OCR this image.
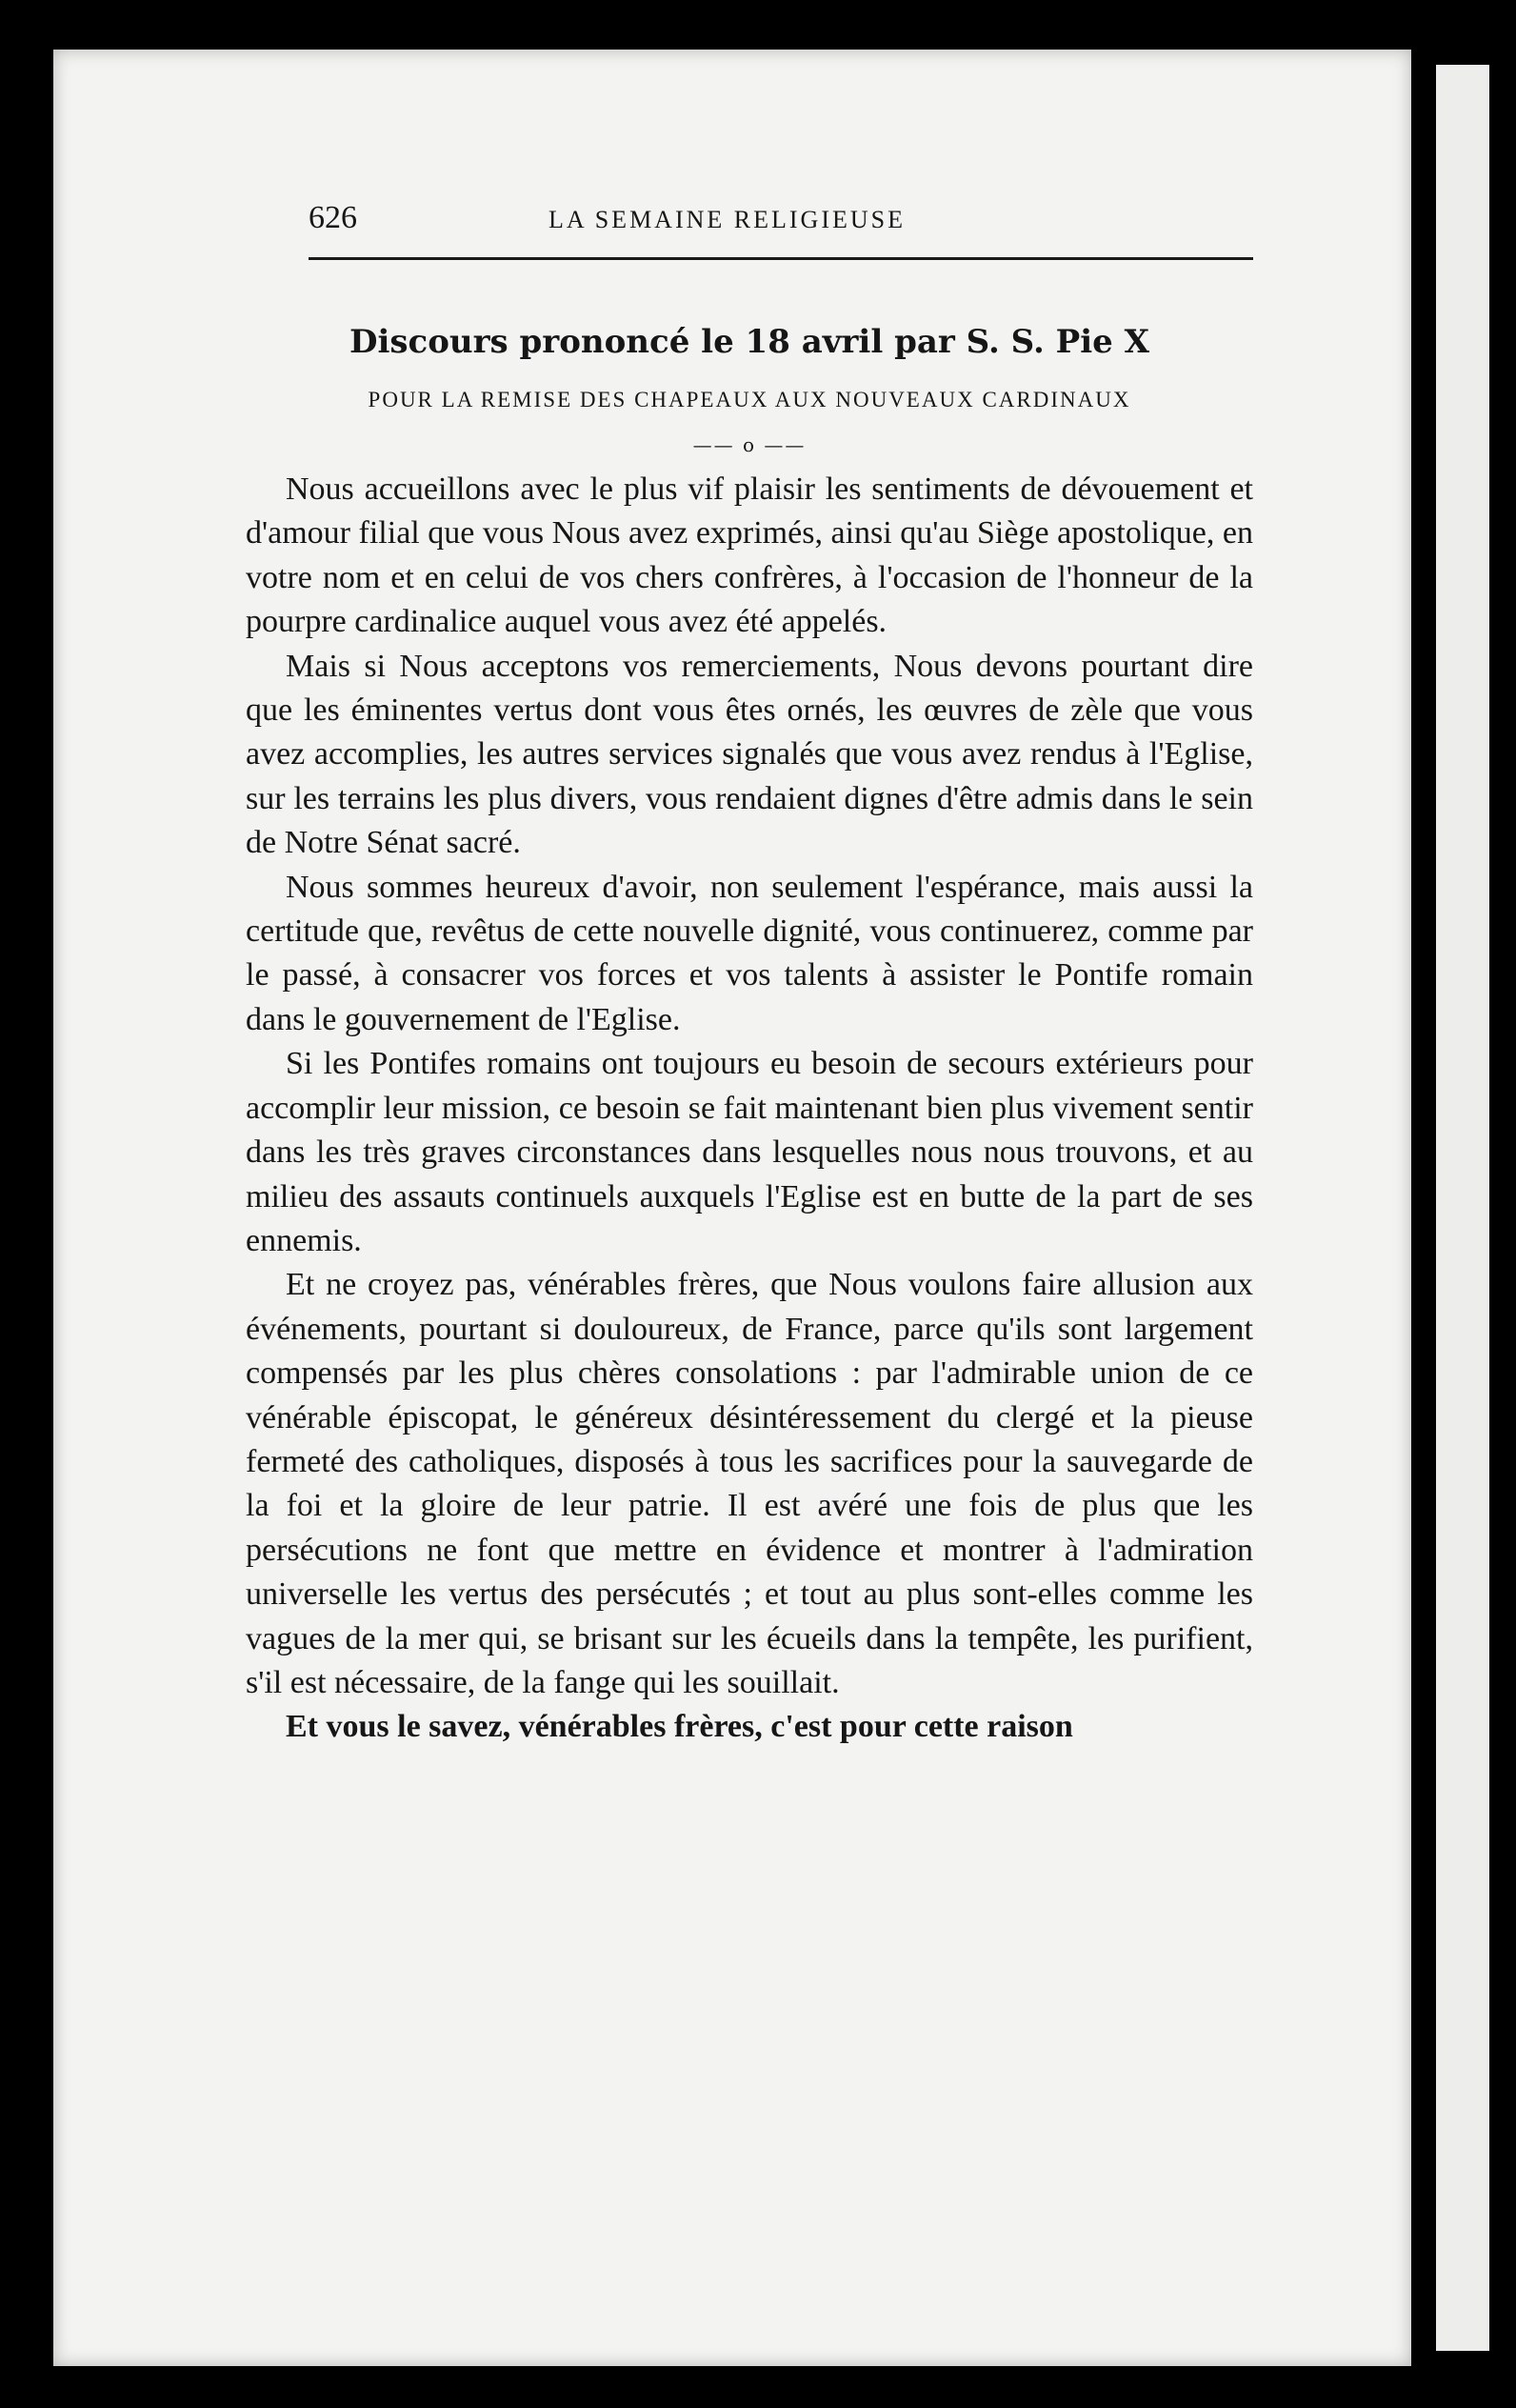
626	LA SEMAINE RELIGIEUSE
Discours prononcé le 18 avril par S. S. Pie X
POUR LA REMISE DES CHAPEAUX AUX NOUVEAUX CARDINAUX
—— o ——

Nous accueillons avec le plus vif plaisir les sentiments de dévouement et d'amour filial que vous Nous avez exprimés, ainsi qu'au Siège apostolique, en votre nom et en celui de vos chers confrères, à l'occasion de l'honneur de la pourpre cardinalice auquel vous avez été appelés.

Mais si Nous acceptons vos remerciements, Nous devons pourtant dire que les éminentes vertus dont vous êtes ornés, les œuvres de zèle que vous avez accomplies, les autres services signalés que vous avez rendus à l'Eglise, sur les terrains les plus divers, vous rendaient dignes d'être admis dans le sein de Notre Sénat sacré.

Nous sommes heureux d'avoir, non seulement l'espérance, mais aussi la certitude que, revêtus de cette nouvelle dignité, vous continuerez, comme par le passé, à consacrer vos forces et vos talents à assister le Pontife romain dans le gouvernement de l'Eglise.

Si les Pontifes romains ont toujours eu besoin de secours extérieurs pour accomplir leur mission, ce besoin se fait maintenant bien plus vivement sentir dans les très graves circonstances dans lesquelles nous nous trouvons, et au milieu des assauts continuels auxquels l'Eglise est en butte de la part de ses ennemis.

Et ne croyez pas, vénérables frères, que Nous voulons faire allusion aux événements, pourtant si douloureux, de France, parce qu'ils sont largement compensés par les plus chères consolations : par l'admirable union de ce vénérable épiscopat, le généreux désintéressement du clergé et la pieuse fermeté des catholiques, disposés à tous les sacrifices pour la sauvegarde de la foi et la gloire de leur patrie. Il est avéré une fois de plus que les persécutions ne font que mettre en évidence et montrer à l'admiration universelle les vertus des persécutés ; et tout au plus sont-elles comme les vagues de la mer qui, se brisant sur les écueils dans la tempête, les purifient, s'il est nécessaire, de la fange qui les souillait.

Et vous le savez, vénérables frères, c'est pour cette raison
